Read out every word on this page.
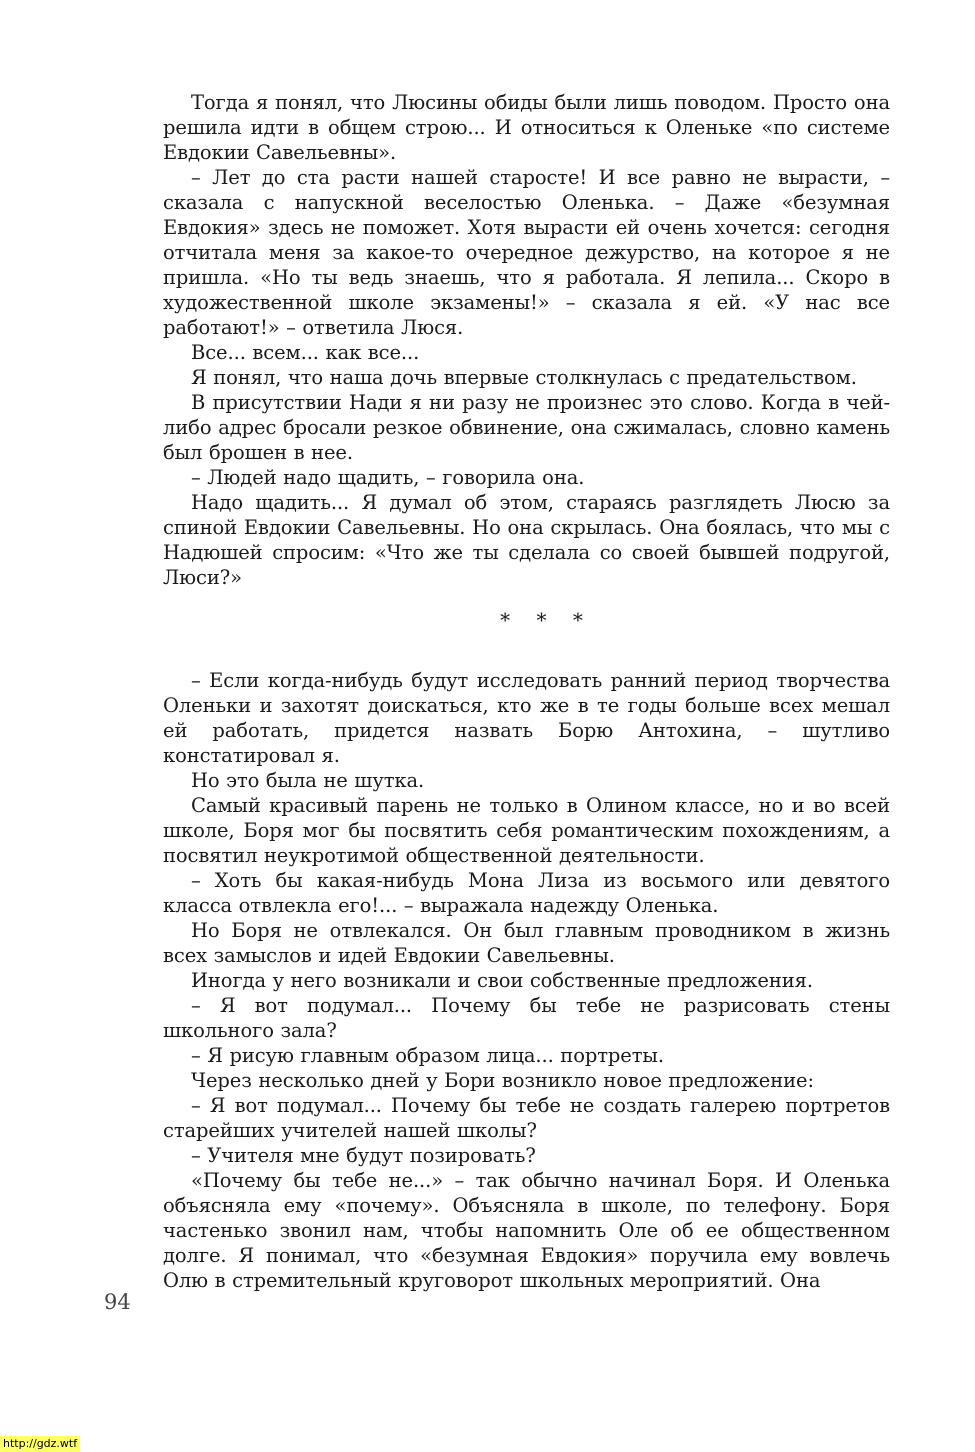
Тогда я понял, что Люсины обиды были лишь поводом. Просто она решила идти в общем строю... И относиться к Оленьке «по системе Евдокии Савельевны».

– Лет до ста расти нашей старосте! И все равно не вырасти, – сказала с напускной веселостью Оленька. – Даже «безумная Евдокия» здесь не поможет. Хотя вырасти ей очень хочется: сегодня отчитала меня за какое-то очередное дежурство, на которое я не пришла. «Но ты ведь знаешь, что я работала. Я лепила... Скоро в художественной школе экзамены!» – сказала я ей. «У нас все работают!» – ответила Люся.

Все... всем... как все...

Я понял, что наша дочь впервые столкнулась с предательством.

В присутствии Нади я ни разу не произнес это слово. Когда в чей-либо адрес бросали резкое обвинение, она сжималась, словно камень был брошен в нее.

– Людей надо щадить, – говорила она.

Надо щадить... Я думал об этом, стараясь разглядеть Люсю за спиной Евдокии Савельевны. Но она скрылась. Она боялась, что мы с Надюшей спросим: «Что же ты сделала со своей бывшей подругой, Люси?»

* * *

– Если когда-нибудь будут исследовать ранний период творчества Оленьки и захотят доискаться, кто же в те годы больше всех мешал ей работать, придется назвать Борю Антохина, – шутливо констатировал я.

Но это была не шутка.

Самый красивый парень не только в Олином классе, но и во всей школе, Боря мог бы посвятить себя романтическим похождениям, а посвятил неукротимой общественной деятельности.

– Хоть бы какая-нибудь Мона Лиза из восьмого или девятого класса отвлекла его!... – выражала надежду Оленька.

Но Боря не отвлекался. Он был главным проводником в жизнь всех замыслов и идей Евдокии Савельевны.

Иногда у него возникали и свои собственные предложения.

– Я вот подумал... Почему бы тебе не разрисовать стены школьного зала?

– Я рисую главным образом лица... портреты.

Через несколько дней у Бори возникло новое предложение:

– Я вот подумал... Почему бы тебе не создать галерею портретов старейших учителей нашей школы?

– Учителя мне будут позировать?

«Почему бы тебе не...» – так обычно начинал Боря. И Оленька объясняла ему «почему». Объясняла в школе, по телефону. Боря частенько звонил нам, чтобы напомнить Оле об ее общественном долге. Я понимал, что «безумная Евдокия» поручила ему вовлечь Олю в стремительный круговорот школьных мероприятий. Она

94
http://gdz.wtf
